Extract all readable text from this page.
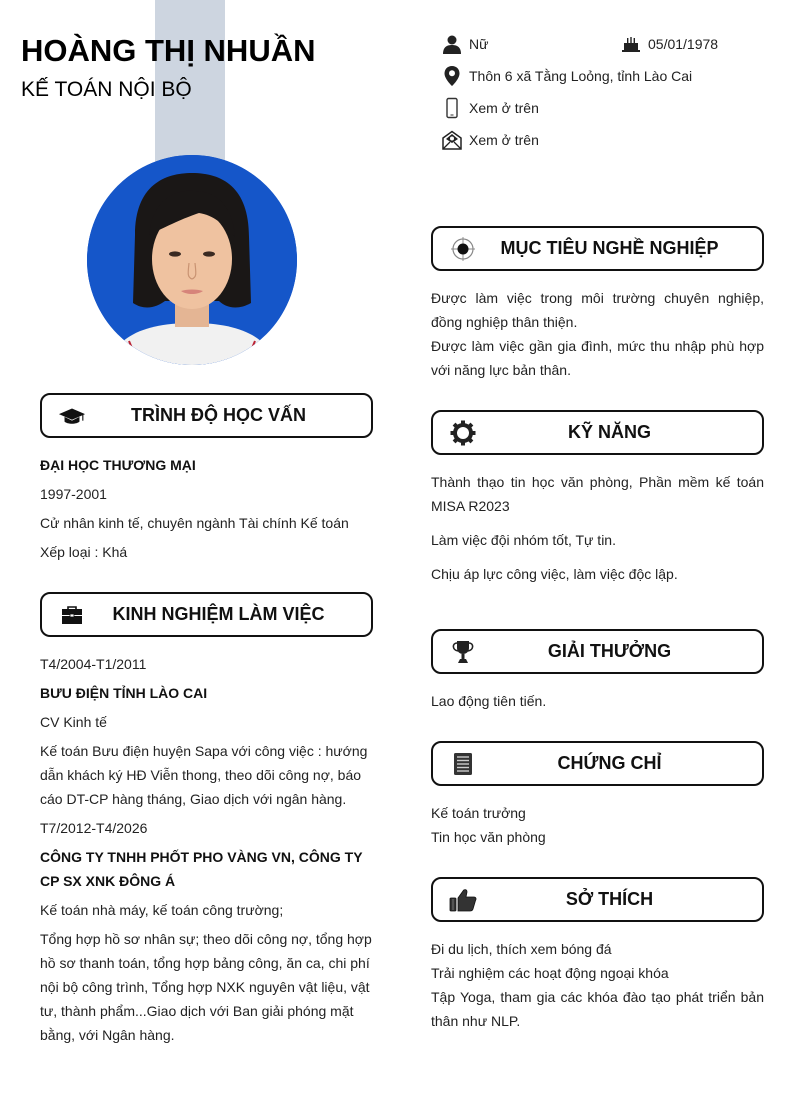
HOÀNG THỊ NHUẦN
KẾ TOÁN NỘI BỘ
Nữ	05/01/1978
Thôn 6 xã Tằng Loỏng, tỉnh Lào Cai
Xem ở trên
Xem ở trên
TRÌNH ĐỘ HỌC VẤN
ĐẠI HỌC THƯƠNG MẠI
1997-2001
Cử nhân kinh tế, chuyên ngành Tài chính Kế toán
Xếp loại : Khá
KINH NGHIỆM LÀM VIỆC
T4/2004-T1/2011
BƯU ĐIỆN TỈNH LÀO CAI
CV Kinh tế
Kế toán Bưu điện huyện Sapa với công việc : hướng dẫn khách ký HĐ Viễn thong, theo dõi công nợ, báo cáo DT-CP hàng tháng, Giao dịch với ngân hàng.
T7/2012-T4/2026
CÔNG TY TNHH PHỐT PHO VÀNG VN, CÔNG TY CP SX XNK ĐÔNG Á
Kế toán nhà máy, kế toán công trường;
Tổng hợp hồ sơ nhân sự; theo dõi công nợ, tổng hợp hồ sơ thanh toán, tổng hợp bảng công, ăn ca, chi phí nội bộ công trình, Tổng hợp NXK nguyên vật liệu, vật tư, thành phẩm...Giao dịch với Ban giải phóng mặt bằng, với Ngân hàng.
MỤC TIÊU NGHỀ NGHIỆP
Được làm việc trong môi trường chuyên nghiệp, đồng nghiệp thân thiện.
Được làm việc gần gia đình, mức thu nhập phù hợp với năng lực bản thân.
KỸ NĂNG
Thành thạo tin học văn phòng, Phần mềm kế toán MISA R2023
Làm việc đội nhóm tốt, Tự tin.
Chịu áp lực công việc, làm việc độc lập.
GIẢI THƯỞNG
Lao động tiên tiến.
CHỨNG CHỈ
Kế toán trưởng
Tin học văn phòng
SỞ THÍCH
Đi du lịch, thích xem bóng đá
Trải nghiệm các hoạt động ngoại khóa
Tập Yoga, tham gia các khóa đào tạo phát triển bản thân như NLP.
